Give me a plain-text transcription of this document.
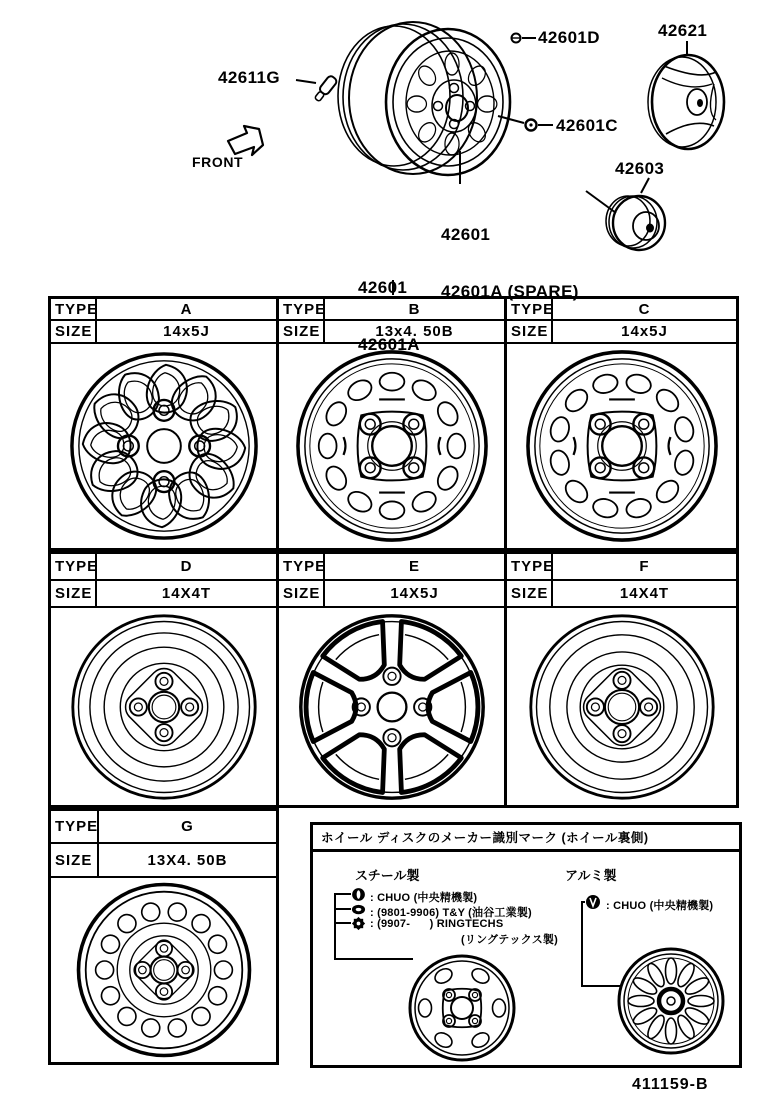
42611G
42601D	42621
42601C
42603

42601

42601A (SPARE)

FRONT

42601

42601A

TYPE	A	TYPE	B	TYPE	C
SIZE	14x5J	SIZE	13x4. 50B	SIZE	14x5J
TYPE	D	TYPE	E	TYPE	F
SIZE	14X4T	SIZE	14X5J	SIZE	14X4T
TYPE	G
SIZE	13X4. 50B
ホイール ディスクのメーカー識別マーク (ホイール裏側)
スチール製	アルミ製
: CHUO (中央精機製)
: (9801-9906) T&Y (油谷工業製)
: (9907-      ) RINGTECHS
(リングテックス製)
: CHUO (中央精機製)
411159-B
